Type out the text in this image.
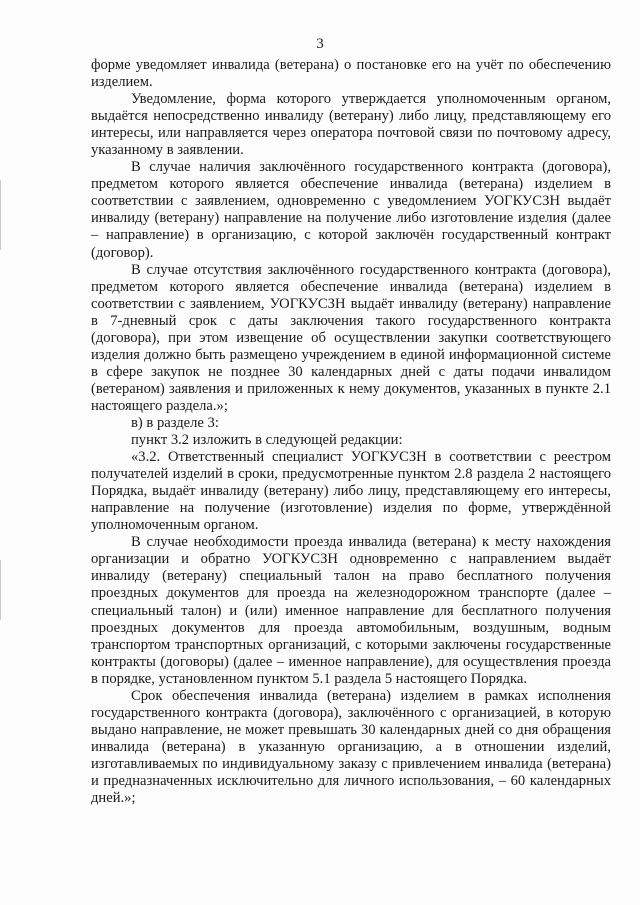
3

форме уведомляет инвалида (ветерана) о постановке его на учёт по обеспечению изделием.

Уведомление, форма которого утверждается уполномоченным органом, выдаётся непосредственно инвалиду (ветерану) либо лицу, представляющему его интересы, или направляется через оператора почтовой связи по почтовому адресу, указанному в заявлении.

В случае наличия заключённого государственного контракта (договора), предметом которого является обеспечение инвалида (ветерана) изделием в соответствии с заявлением, одновременно с уведомлением УОГКУСЗН выдаёт инвалиду (ветерану) направление на получение либо изготовление изделия (далее – направление) в организацию, с которой заключён государственный контракт (договор).

В случае отсутствия заключённого государственного контракта (договора), предметом которого является обеспечение инвалида (ветерана) изделием в соответствии с заявлением, УОГКУСЗН выдаёт инвалиду (ветерану) направление в 7-дневный срок с даты заключения такого государственного контракта (договора), при этом извещение об осуществлении закупки соответствующего изделия должно быть размещено учреждением в единой информационной системе в сфере закупок не позднее 30 календарных дней с даты подачи инвалидом (ветераном) заявления и приложенных к нему документов, указанных в пункте 2.1 настоящего раздела.»;

в) в разделе 3:

пункт 3.2 изложить в следующей редакции:

«3.2. Ответственный специалист УОГКУСЗН в соответствии с реестром получателей изделий в сроки, предусмотренные пунктом 2.8 раздела 2 настоящего Порядка, выдаёт инвалиду (ветерану) либо лицу, представляющему его интересы, направление на получение (изготовление) изделия по форме, утверждённой уполномоченным органом.

В случае необходимости проезда инвалида (ветерана) к месту нахождения организации и обратно УОГКУСЗН одновременно с направлением выдаёт инвалиду (ветерану) специальный талон на право бесплатного получения проездных документов для проезда на железнодорожном транспорте (далее – специальный талон) и (или) именное направление для бесплатного получения проездных документов для проезда автомобильным, воздушным, водным транспортом транспортных организаций, с которыми заключены государственные контракты (договоры) (далее – именное направление), для осуществления проезда в порядке, установленном пунктом 5.1 раздела 5 настоящего Порядка.

Срок обеспечения инвалида (ветерана) изделием в рамках исполнения государственного контракта (договора), заключённого с организацией, в которую выдано направление, не может превышать 30 календарных дней со дня обращения инвалида (ветерана) в указанную организацию, а в отношении изделий, изготавливаемых по индивидуальному заказу с привлечением инвалида (ветерана) и предназначенных исключительно для личного использования, – 60 календарных дней.»;
